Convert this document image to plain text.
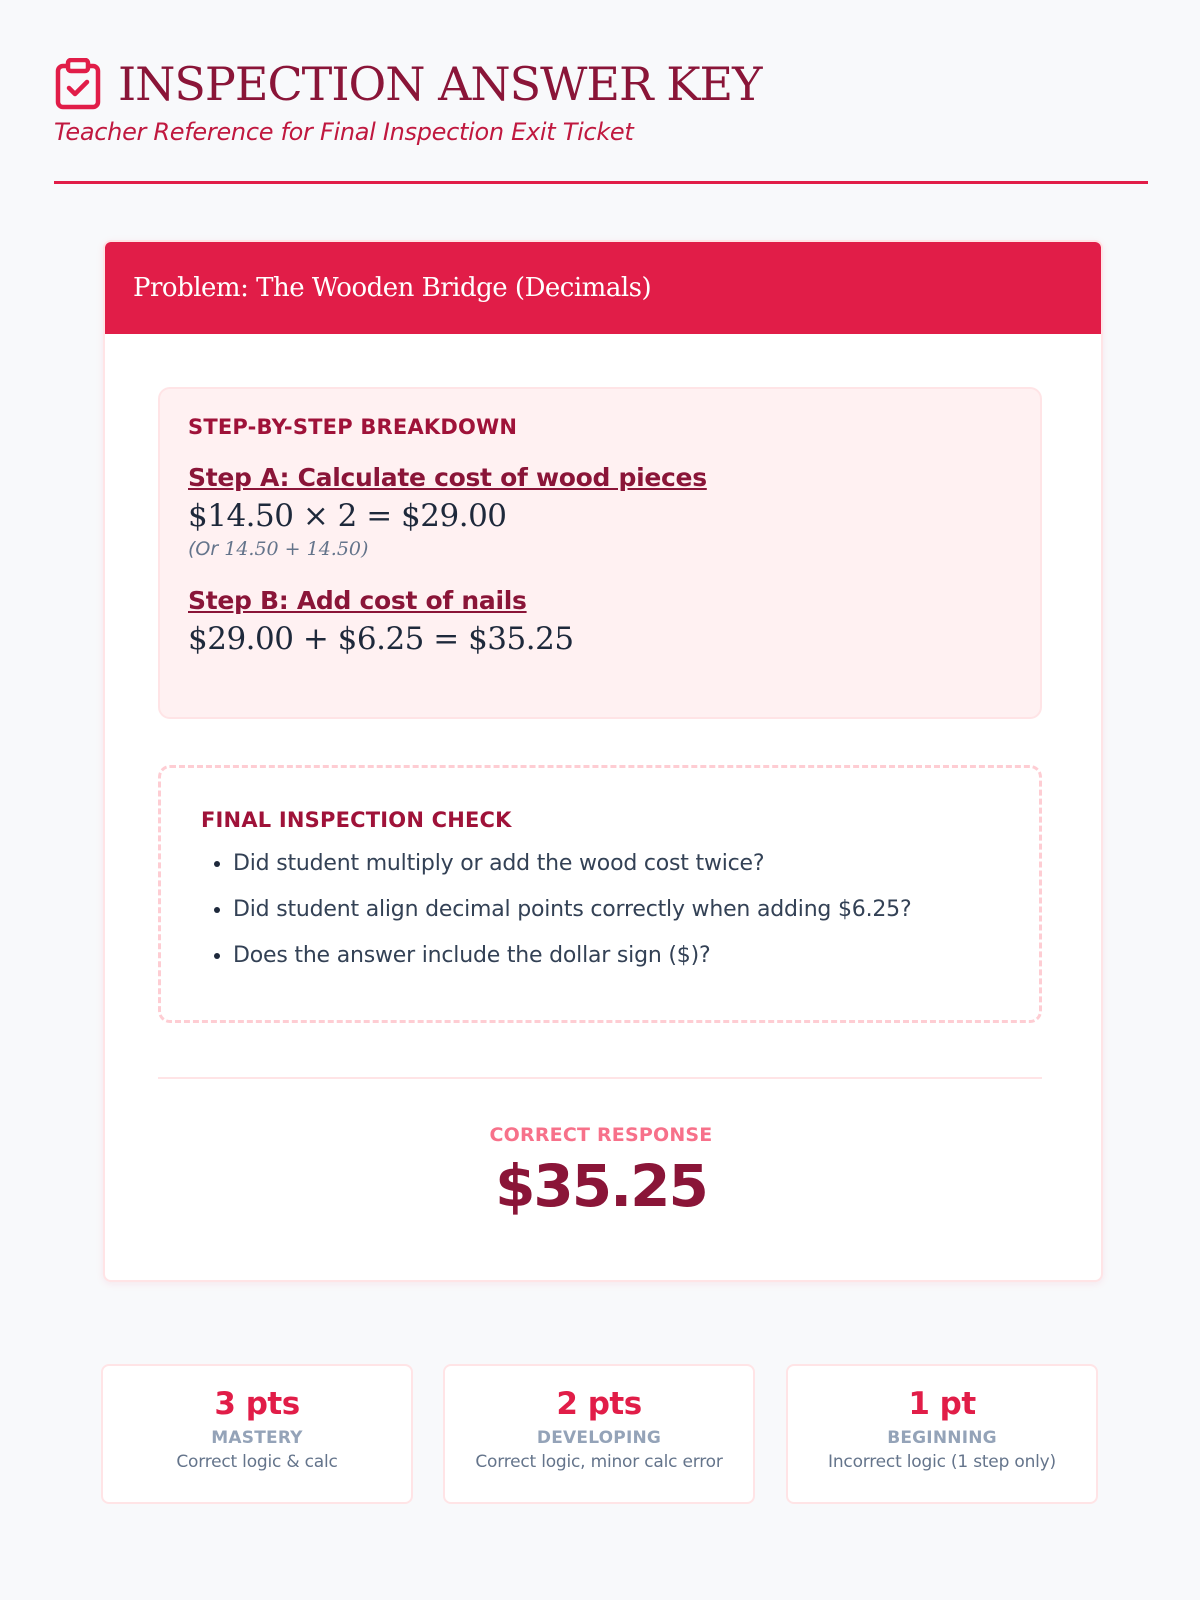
INSPECTION ANSWER KEY
Teacher Reference for Final Inspection Exit Ticket
Problem: The Wooden Bridge (Decimals)
STEP-BY-STEP BREAKDOWN
Step A: Calculate cost of wood pieces
$14.50 × 2 = $29.00
(Or 14.50 + 14.50)
Step B: Add cost of nails
$29.00 + $6.25 = $35.25
FINAL INSPECTION CHECK
• Did student multiply or add the wood cost twice?
• Did student align decimal points correctly when adding $6.25?
• Does the answer include the dollar sign ($)?
CORRECT RESPONSE
$35.25
3 pts
MASTERY
Correct logic & calc
2 pts
DEVELOPING
Correct logic, minor calc error
1 pt
BEGINNING
Incorrect logic (1 step only)
